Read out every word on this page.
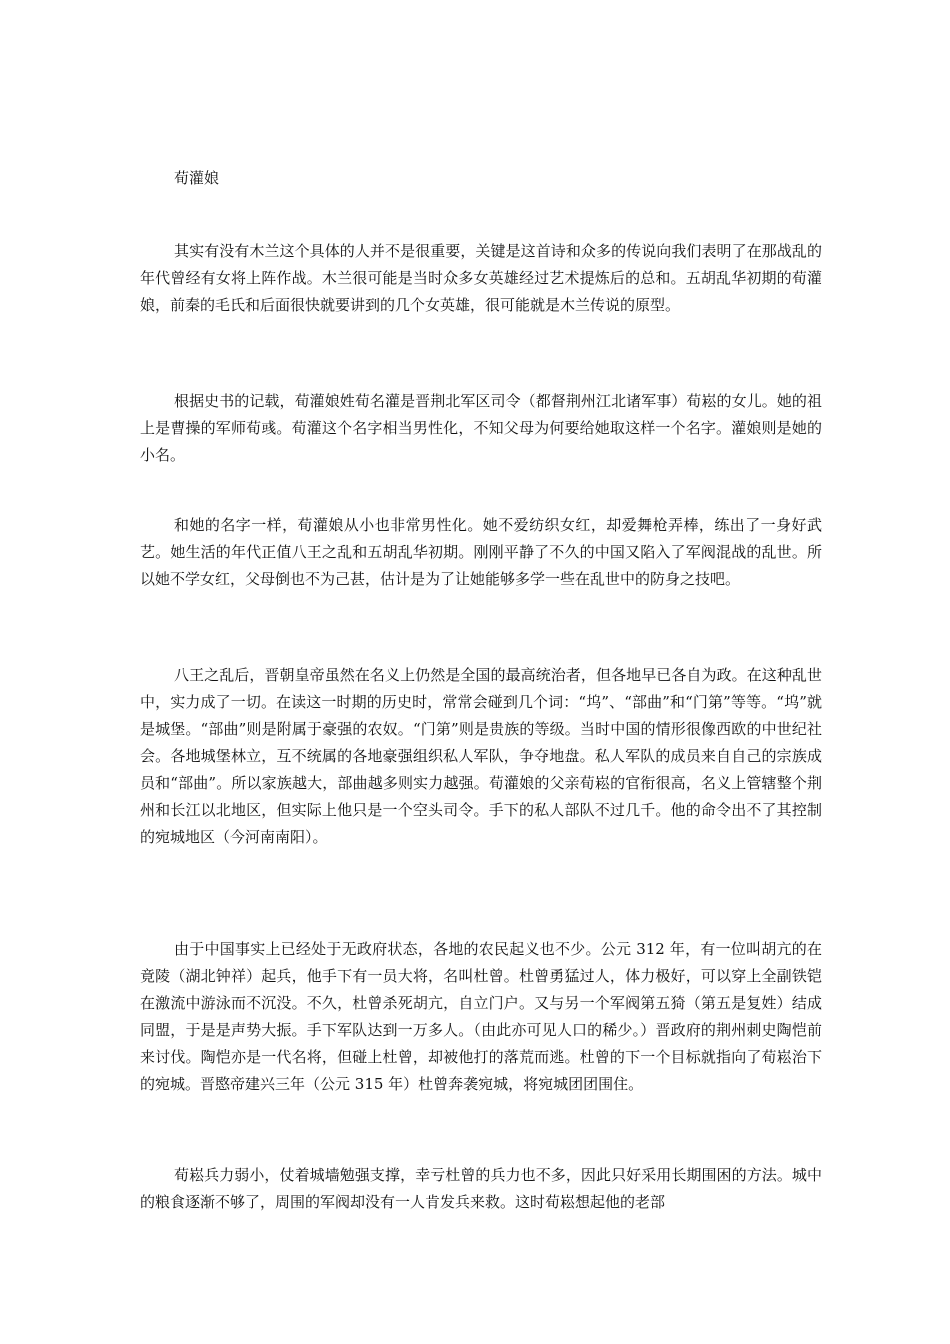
荀灌娘

其实有没有木兰这个具体的人并不是很重要，关键是这首诗和众多的传说向我们表明了在那战乱的年代曾经有女将上阵作战。木兰很可能是当时众多女英雄经过艺术提炼后的总和。五胡乱华初期的荀灌娘，前秦的毛氏和后面很快就要讲到的几个女英雄，很可能就是木兰传说的原型。

根据史书的记载，荀灌娘姓荀名灌是晋荆北军区司令（都督荆州江北诸军事）荀崧的女儿。她的祖上是曹操的军师荀彧。荀灌这个名字相当男性化，不知父母为何要给她取这样一个名字。灌娘则是她的小名。

和她的名字一样，荀灌娘从小也非常男性化。她不爱纺织女红，却爱舞枪弄棒，练出了一身好武艺。她生活的年代正值八王之乱和五胡乱华初期。刚刚平静了不久的中国又陷入了军阀混战的乱世。所以她不学女红，父母倒也不为己甚，估计是为了让她能够多学一些在乱世中的防身之技吧。

八王之乱后，晋朝皇帝虽然在名义上仍然是全国的最高统治者，但各地早已各自为政。在这种乱世中，实力成了一切。在读这一时期的历史时，常常会碰到几个词：“坞”、“部曲”和“门第”等等。“坞”就是城堡。“部曲”则是附属于豪强的农奴。“门第”则是贵族的等级。当时中国的情形很像西欧的中世纪社会。各地城堡林立，互不统属的各地豪强组织私人军队，争夺地盘。私人军队的成员来自自己的宗族成员和“部曲”。所以家族越大，部曲越多则实力越强。荀灌娘的父亲荀崧的官衔很高，名义上管辖整个荆州和长江以北地区，但实际上他只是一个空头司令。手下的私人部队不过几千。他的命令出不了其控制的宛城地区（今河南南阳）。

由于中国事实上已经处于无政府状态，各地的农民起义也不少。公元 312 年，有一位叫胡亢的在竟陵（湖北钟祥）起兵，他手下有一员大将，名叫杜曾。杜曾勇猛过人，体力极好，可以穿上全副铁铠在激流中游泳而不沉没。不久，杜曾杀死胡亢，自立门户。又与另一个军阀第五猗（第五是复姓）结成同盟，于是是声势大振。手下军队达到一万多人。（由此亦可见人口的稀少。）晋政府的荆州刺史陶恺前来讨伐。陶恺亦是一代名将，但碰上杜曾，却被他打的落荒而逃。杜曾的下一个目标就指向了荀崧治下的宛城。晋愍帝建兴三年（公元 315 年）杜曾奔袭宛城，将宛城团团围住。

荀崧兵力弱小，仗着城墙勉强支撑，幸亏杜曾的兵力也不多，因此只好采用长期围困的方法。城中的粮食逐渐不够了，周围的军阀却没有一人肯发兵来救。这时荀崧想起他的老部
